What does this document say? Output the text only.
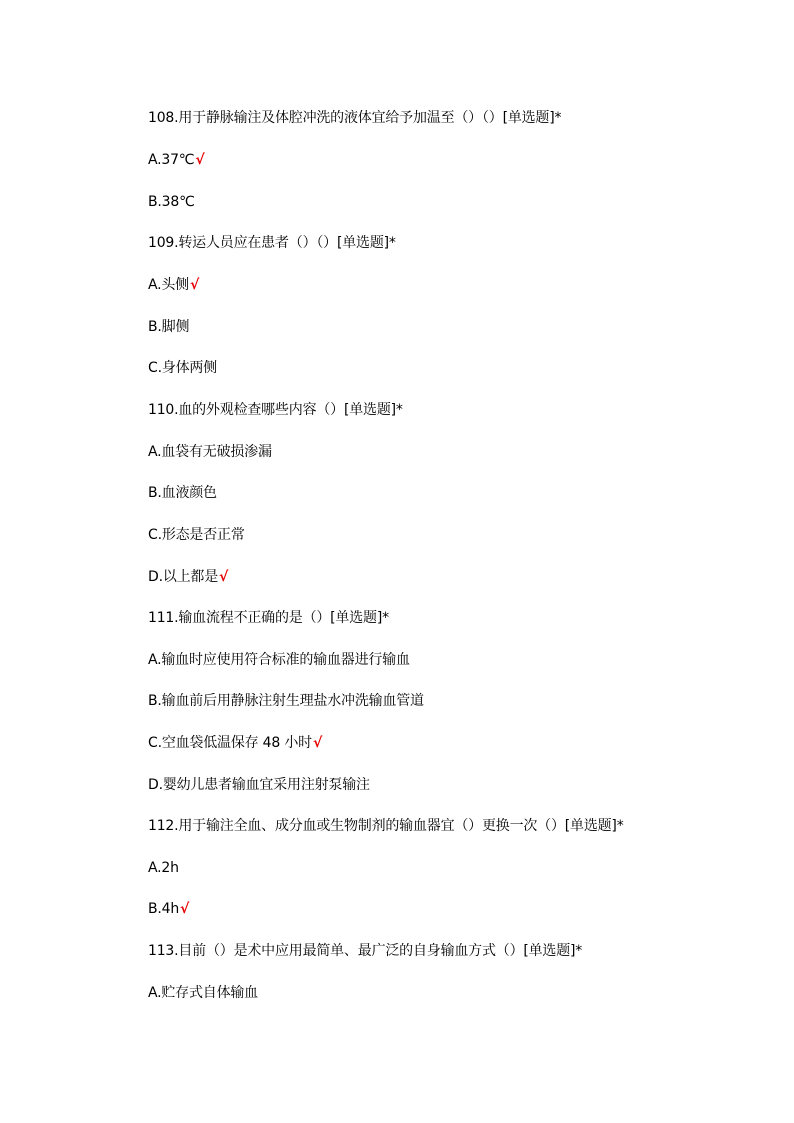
108.用于静脉输注及体腔冲洗的液体宜给予加温至（）（）[单选题]*
A.37℃√
B.38℃
109.转运人员应在患者（）（）[单选题]*
A.头侧√
B.脚侧
C.身体两侧
110.血的外观检查哪些内容（）[单选题]*
A.血袋有无破损渗漏
B.血液颜色
C.形态是否正常
D.以上都是√
111.输血流程不正确的是（）[单选题]*
A.输血时应使用符合标准的输血器进行输血
B.输血前后用静脉注射生理盐水冲洗输血管道
C.空血袋低温保存 48 小时√
D.婴幼儿患者输血宜采用注射泵输注
112.用于输注全血、成分血或生物制剂的输血器宜（）更换一次（）[单选题]*
A.2h
B.4h√
113.目前（）是术中应用最简单、最广泛的自身输血方式（）[单选题]*
A.贮存式自体输血
